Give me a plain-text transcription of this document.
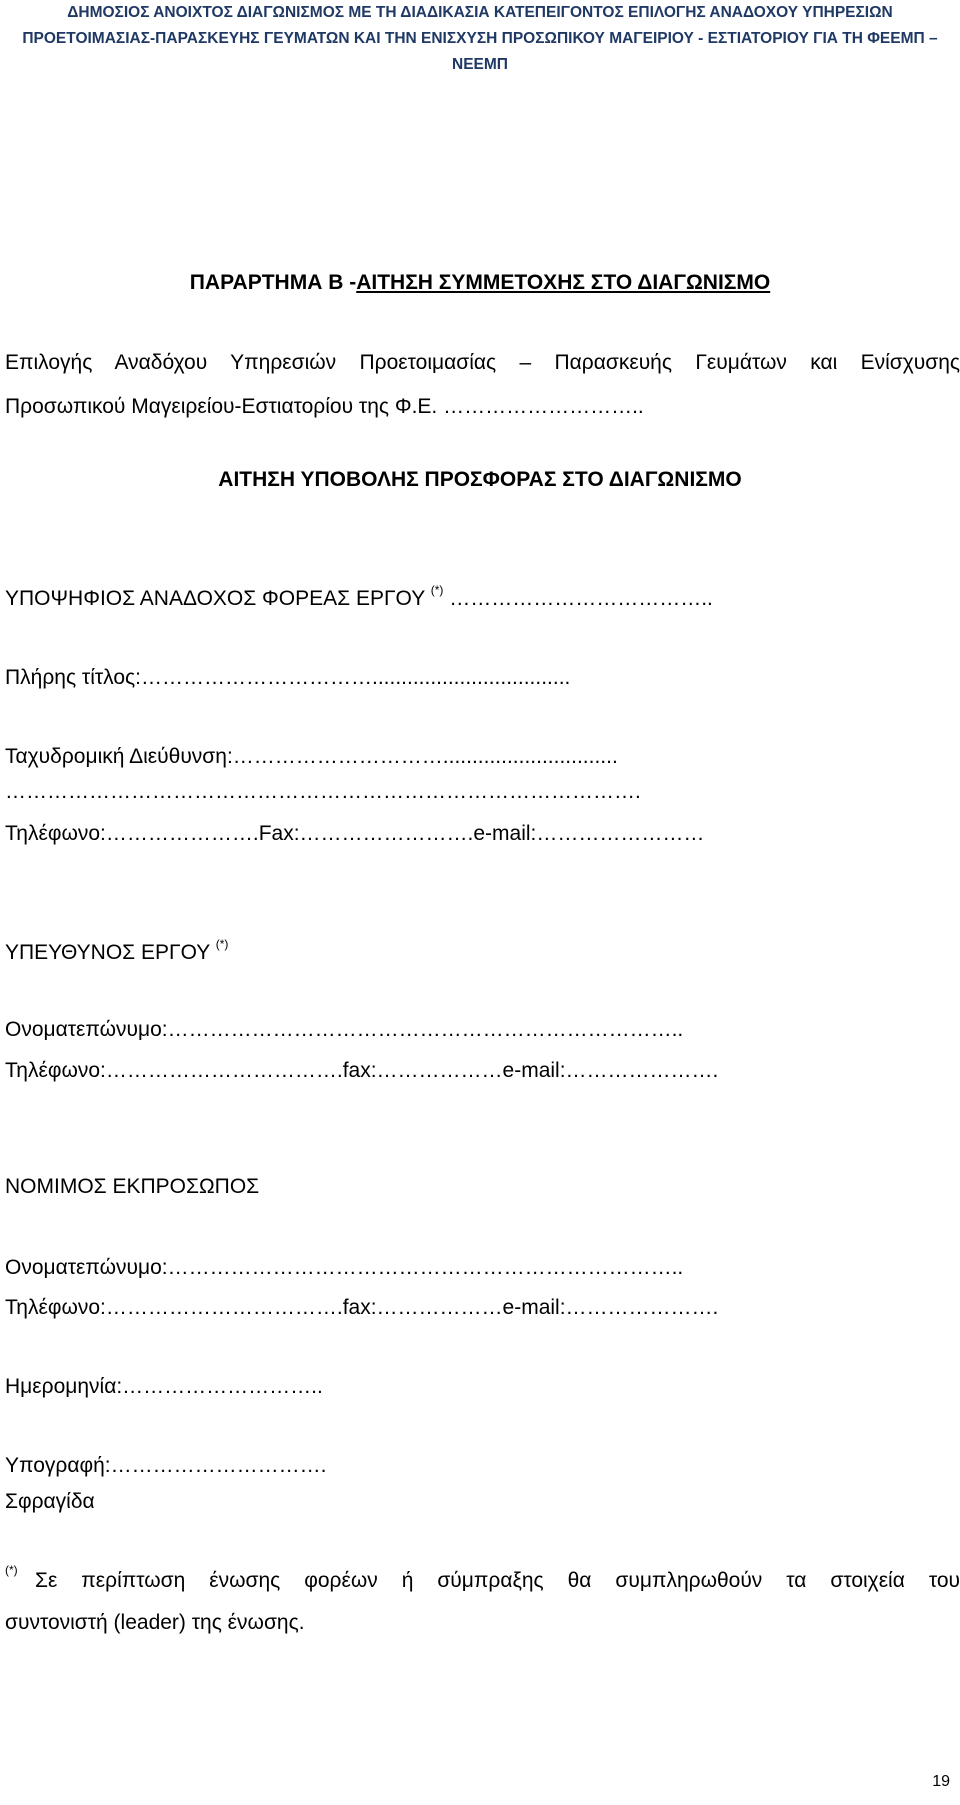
ΔΗΜΟΣΙΟΣ ΑΝΟΙΧΤΟΣ ΔΙΑΓΩΝΙΣΜΟΣ ΜΕ ΤΗ ΔΙΑΔΙΚΑΣΙΑ ΚΑΤΕΠΕΙΓΟΝΤΟΣ ΕΠΙΛΟΓΗΣ ΑΝΑΔΟΧΟΥ ΥΠΗΡΕΣΙΩΝ
ΠΡΟΕΤΟΙΜΑΣΙΑΣ-ΠΑΡΑΣΚΕΥΗΣ ΓΕΥΜΑΤΩΝ ΚΑΙ ΤΗΝ ΕΝΙΣΧΥΣΗ ΠΡΟΣΩΠΙΚΟΥ ΜΑΓΕΙΡΙΟΥ - ΕΣΤΙΑΤΟΡΙΟΥ ΓΙΑ ΤΗ ΦΕΕΜΠ –
ΝΕΕΜΠ
ΠΑΡΑΡΤΗΜΑ Β -ΑΙΤΗΣΗ ΣΥΜΜΕΤΟΧΗΣ ΣΤΟ ΔΙΑΓΩΝΙΣΜΟ
Επιλογής Αναδόχου Υπηρεσιών Προετοιμασίας – Παρασκευής Γευμάτων και Ενίσχυσης
Προσωπικού Μαγειρείου-Εστιατορίου της Φ.Ε. ………………………..
ΑΙΤΗΣΗ ΥΠΟΒΟΛΗΣ ΠΡΟΣΦΟΡΑΣ ΣΤΟ ΔΙΑΓΩΝΙΣΜΟ
ΥΠΟΨΗΦΙΟΣ ΑΝΑΔΟΧΟΣ ΦΟΡΕΑΣ ΕΡΓΟΥ (*) ………………………………..
Πλήρης τίτλος:……………………………..................................
Ταχυδρομική Διεύθυνση:…………………………..............................
……………………………………………………………………………….
Τηλέφωνο:………………….Fax:…………………….e-mail:……………………
ΥΠΕΥΘΥΝΟΣ ΕΡΓΟΥ (*)
Ονοματεπώνυμο:………………………………………………………………..
Τηλέφωνο:…………………………….fax:………………e-mail:………………….
ΝΟΜΙΜΟΣ ΕΚΠΡΟΣΩΠΟΣ
Ονοματεπώνυμο:………………………………………………………………..
Τηλέφωνο:…………………………….fax:………………e-mail:………………….
Ημερομηνία:………………………..
Υπογραφή:………………………….
Σφραγίδα
(*) Σε περίπτωση ένωσης φορέων ή σύμπραξης θα συμπληρωθούν τα στοιχεία του
συντονιστή (leader) της ένωσης.
19
